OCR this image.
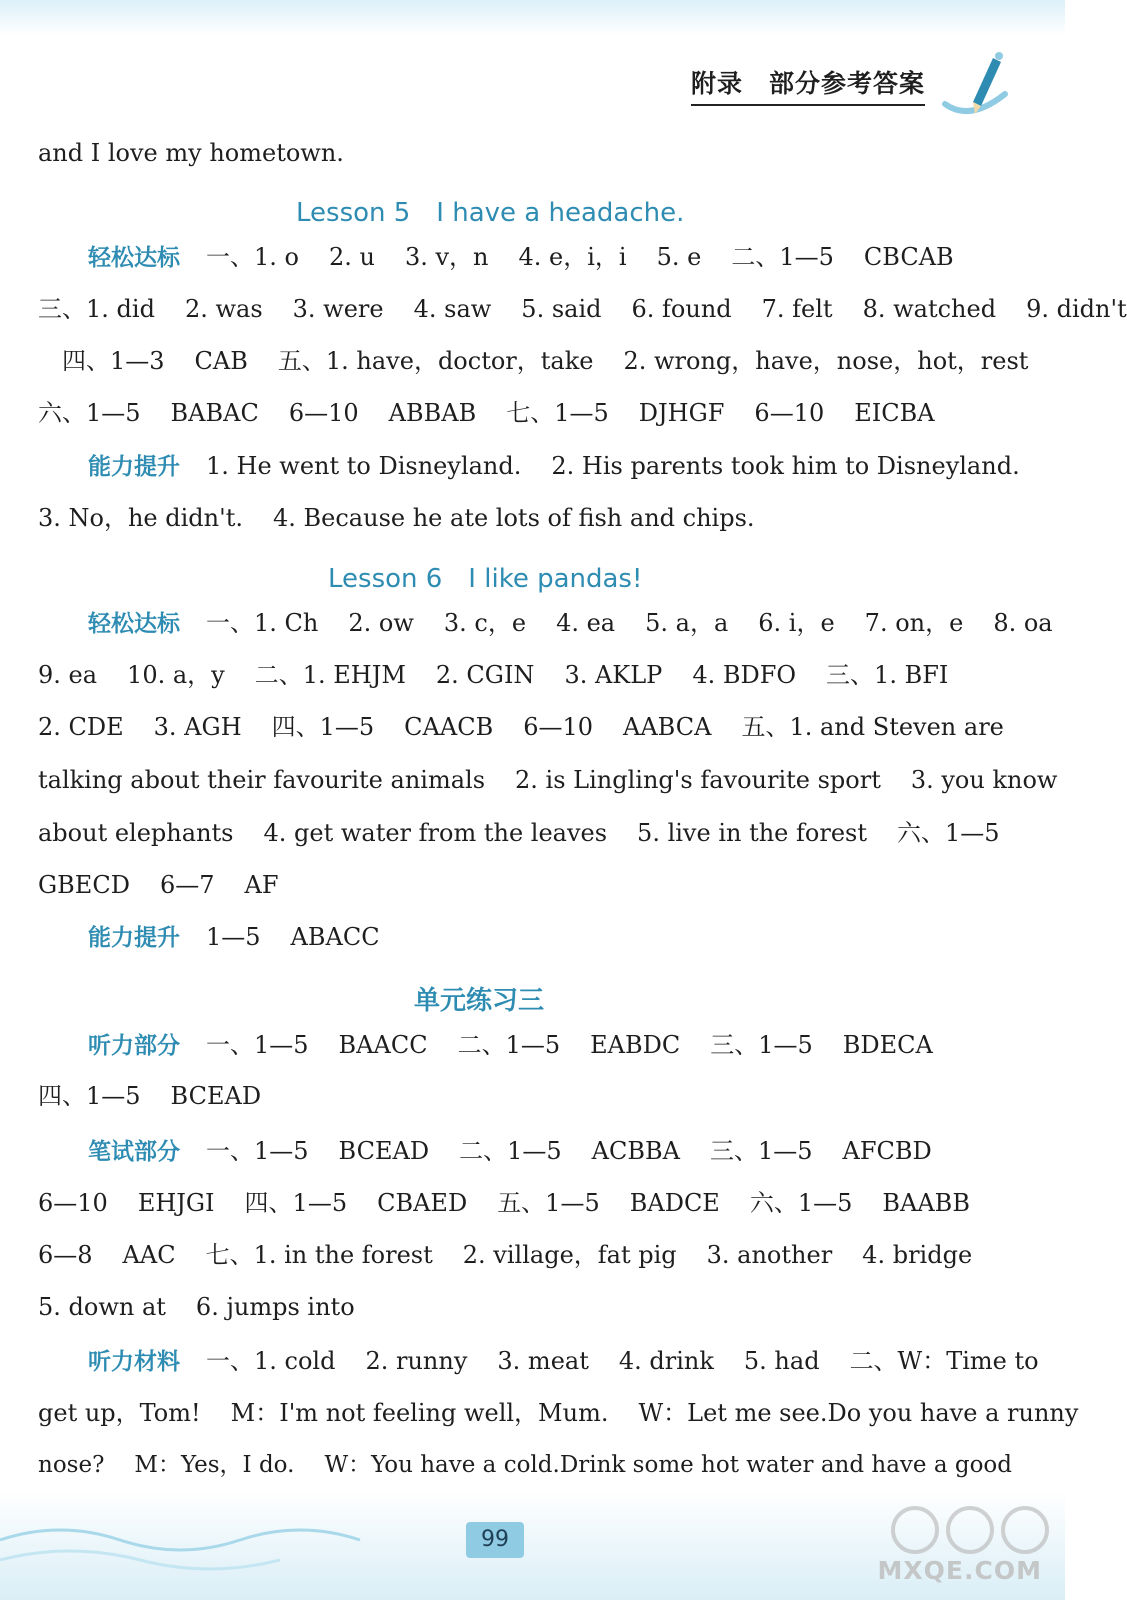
附录 部分参考答案
and I love my hometown.
Lesson 5　I have a headache.
轻松达标 一、1. o 2. u 3. v，n 4. e，i，i 5. e 二、1—5 CBCAB
三、1. did 2. was 3. were 4. saw 5. said 6. found 7. felt 8. watched 9. didn't
四、1—3 CAB 五、1. have，doctor，take 2. wrong，have，nose，hot，rest
六、1—5 BABAC 6—10 ABBAB 七、1—5 DJHGF 6—10 EICBA
能力提升 1. He went to Disneyland. 2. His parents took him to Disneyland.
3. No，he didn't. 4. Because he ate lots of fish and chips.
Lesson 6　I like pandas!
轻松达标 一、1. Ch 2. ow 3. c，e 4. ea 5. a，a 6. i，e 7. on，e 8. oa
9. ea 10. a，y 二、1. EHJM 2. CGIN 3. AKLP 4. BDFO 三、1. BFI
2. CDE 3. AGH 四、1—5 CAACB 6—10 AABCA 五、1. and Steven are
talking about their favourite animals 2. is Lingling's favourite sport 3. you know
about elephants 4. get water from the leaves 5. live in the forest 六、1—5
GBECD 6—7 AF
能力提升 1—5 ABACC
单元练习三
听力部分 一、1—5 BAACC 二、1—5 EABDC 三、1—5 BDECA
四、1—5 BCEAD
笔试部分 一、1—5 BCEAD 二、1—5 ACBBA 三、1—5 AFCBD
6—10 EHJGI 四、1—5 CBAED 五、1—5 BADCE 六、1—5 BAABB
6—8 AAC 七、1. in the forest 2. village，fat pig 3. another 4. bridge
5. down at 6. jumps into
听力材料 一、1. cold 2. runny 3. meat 4. drink 5. had 二、W：Time to
get up，Tom! M：I'm not feeling well，Mum. W：Let me see.Do you have a runny
nose? M：Yes，I do. W：You have a cold.Drink some hot water and have a good
99
MXQE.COM
